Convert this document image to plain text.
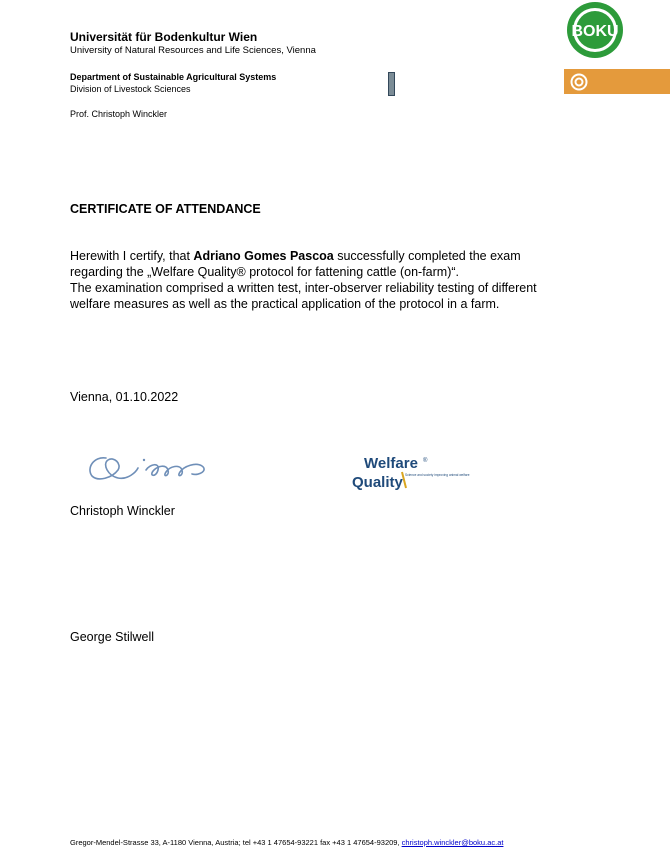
Universität für Bodenkultur Wien
University of Natural Resources and Life Sciences, Vienna
Department of Sustainable Agricultural Systems
Division of Livestock Sciences
Prof. Christoph Winckler
BOKU
CERTIFICATE OF ATTENDANCE
Herewith I certify, that Adriano Gomes Pascoa successfully completed the exam
regarding the „Welfare Quality® protocol for fattening cattle (on-farm)“.
The examination comprised a written test, inter-observer reliability testing of different
welfare measures as well as the practical application of the protocol in a farm.
Vienna, 01.10.2022
Welfare ®
Quality Science and society improving animal welfare
Christoph Winckler
George Stilwell
Gregor-Mendel-Strasse 33, A-1180 Vienna, Austria; tel +43 1 47654-93221 fax +43 1 47654-93209, christoph.winckler@boku.ac.at
